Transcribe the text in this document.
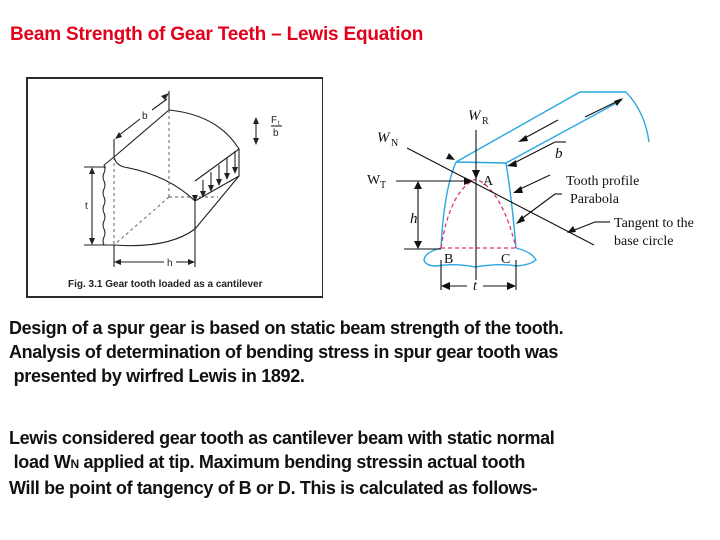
Beam Strength of Gear Teeth – Lewis Equation
b
t
h
F t
b
Fig. 3.1 Gear tooth loaded as a cantilever
W R
W N
W T	A
B	C
h
t
b
Tooth profile
Parabola
Tangent to the
base circle
Design of a spur gear is based on static beam strength of the tooth.
Analysis of determination of bending stress in spur gear tooth was
presented by wirfred Lewis in 1892.
Lewis considered gear tooth as cantilever beam with static normal
load WN applied at tip. Maximum bending stressin actual tooth
Will be point of tangency of B or D. This is calculated as follows-
